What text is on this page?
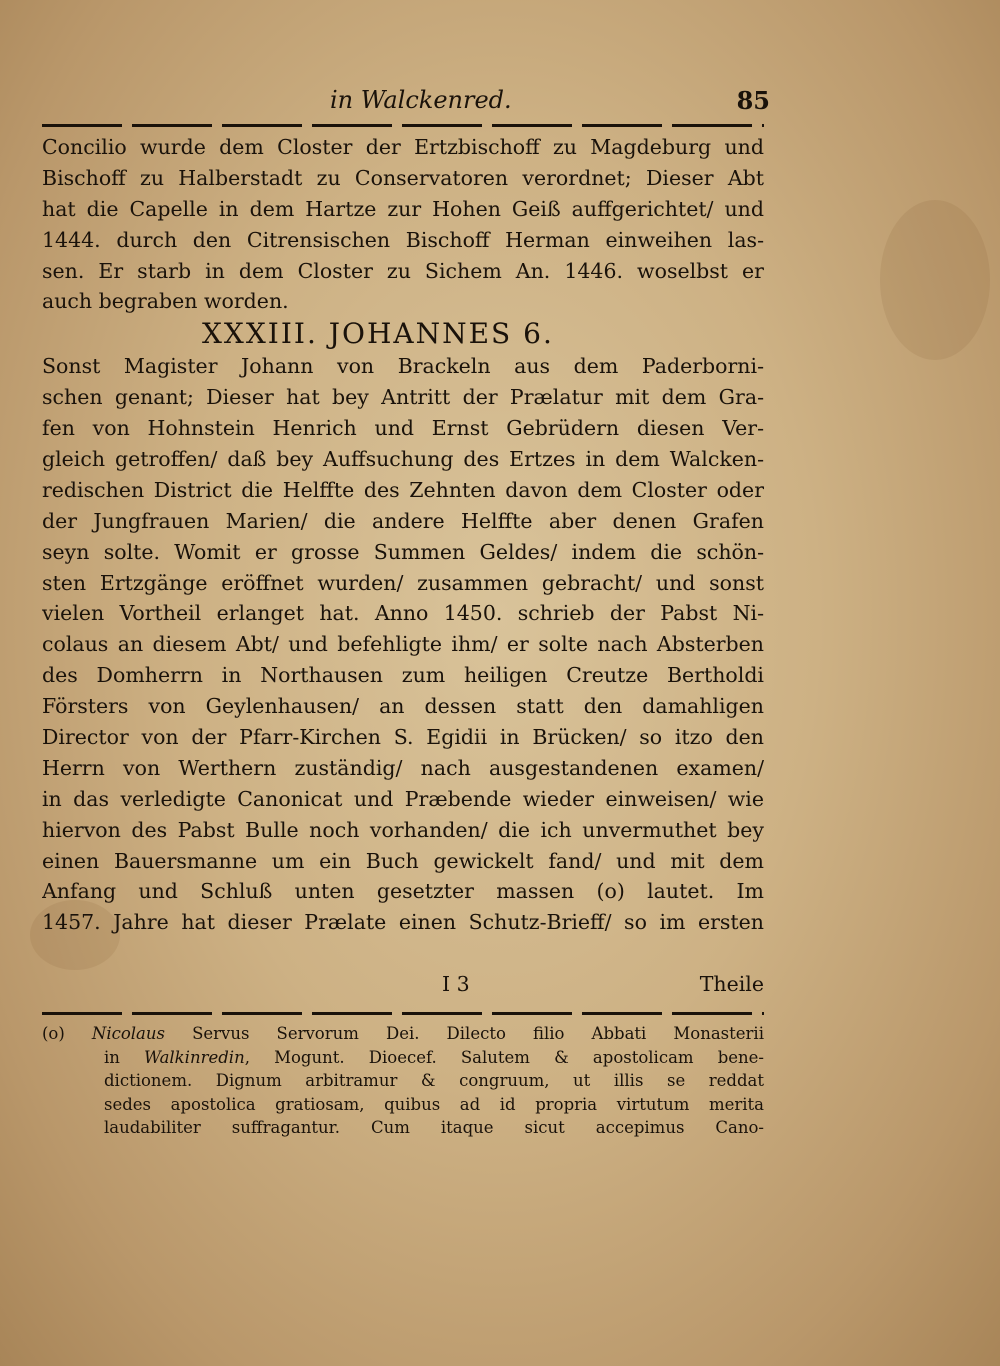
in Walckenred.	85
Concilio wurde dem Closter der Ertzbischoff zu Magdeburg und
Bischoff zu Halberstadt zu Conservatoren verordnet; Dieser Abt
hat die Capelle in dem Hartze zur Hohen Geiß auffgerichtet/ und
1444. durch den Citrensischen Bischoff Herman einweihen las-
sen. Er starb in dem Closter zu Sichem An. 1446. woselbst er
auch begraben worden.
XXXIII. JOHANNES 6.
Sonst Magister Johann von Brackeln aus dem Paderborni-
schen genant; Dieser hat bey Antritt der Prælatur mit dem Gra-
fen von Hohnstein Henrich und Ernst Gebrüdern diesen Ver-
gleich getroffen/ daß bey Auffsuchung des Ertzes in dem Walcken-
redischen District die Helffte des Zehnten davon dem Closter oder
der Jungfrauen Marien/ die andere Helffte aber denen Grafen
seyn solte. Womit er grosse Summen Geldes/ indem die schön-
sten Ertzgänge eröffnet wurden/ zusammen gebracht/ und sonst
vielen Vortheil erlanget hat. Anno 1450. schrieb der Pabst Ni-
colaus an diesem Abt/ und befehligte ihm/ er solte nach Absterben
des Domherrn in Northausen zum heiligen Creutze Bertholdi
Försters von Geylenhausen/ an dessen statt den damahligen
Director von der Pfarr-Kirchen S. Egidii in Brücken/ so itzo den
Herrn von Werthern zuständig/ nach ausgestandenen examen/
in das verledigte Canonicat und Præbende wieder einweisen/ wie
hiervon des Pabst Bulle noch vorhanden/ die ich unvermuthet bey
einen Bauersmanne um ein Buch gewickelt fand/ und mit dem
Anfang und Schluß unten gesetzter massen (o) lautet. Im
1457. Jahre hat dieser Prælate einen Schutz-Brieff/ so im ersten
I 3	Theile
(o) Nicolaus Servus Servorum Dei. Dilecto filio Abbati Monasterii
in Walkinredin, Mogunt. Dioecef. Salutem & apostolicam bene-
dictionem. Dignum arbitramur & congruum, ut illis se reddat
sedes apostolica gratiosam, quibus ad id propria virtutum merita
laudabiliter suffragantur. Cum itaque sicut accepimus Cano-
